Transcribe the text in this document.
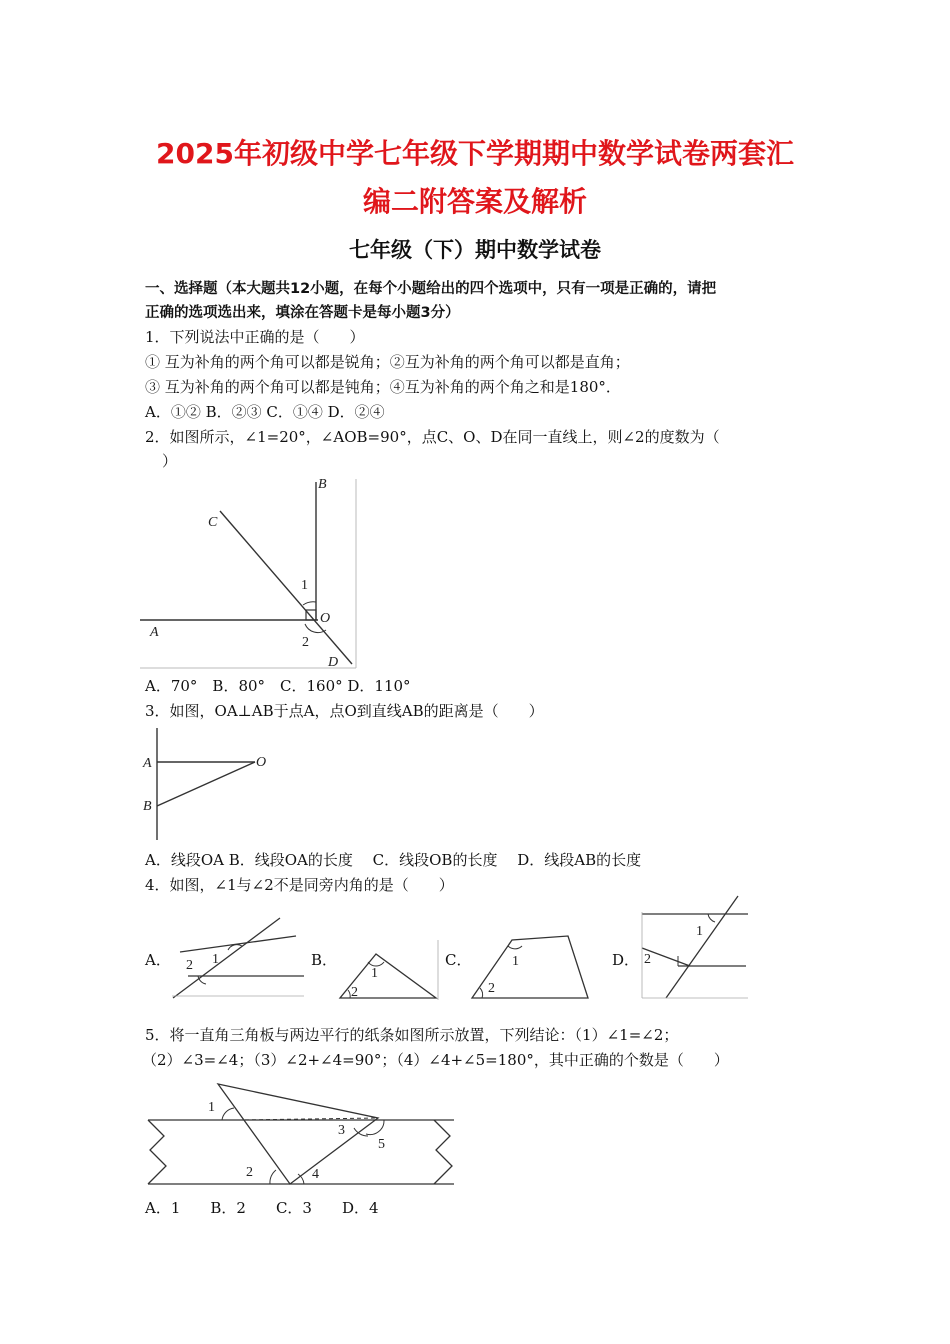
2025年初级中学七年级下学期期中数学试卷两套汇
编二附答案及解析
七年级（下）期中数学试卷
一、选择题（本大题共12小题，在每个小题给出的四个选项中，只有一项是正确的，请把
正确的选项选出来，填涂在答题卡是每小题3分）
1．下列说法中正确的是（　　）
① 互为补角的两个角可以都是锐角；②互为补角的两个角可以都是直角；
③ 互为补角的两个角可以都是钝角；④互为补角的两个角之和是180°．
A．①② B．②③ C．①④ D．②④
2．如图所示，∠1=20°，∠AOB=90°，点C、O、D在同一直线上，则∠2的度数为（
）
B
C
1
O
A
2
D
A．70°　B．80°　C．160° D．110°
3．如图，OA⊥AB于点A，点O到直线AB的距离是（　　）
A	O
B
A．线段OA B．线段OA的长度　 C．线段OB的长度　 D．线段AB的长度
4．如图，∠1与∠2不是同旁内角的是（　　）
A．	1
2	B．
1
2
C．	1
2
D．
1
2
5．将一直角三角板与两边平行的纸条如图所示放置，下列结论：（1）∠1=∠2；
（2）∠3=∠4；（3）∠2+∠4=90°；（4）∠4+∠5=180°，其中正确的个数是（　　）
1
2
3
4
5
A．1　　B．2　　C．3　　D．4
